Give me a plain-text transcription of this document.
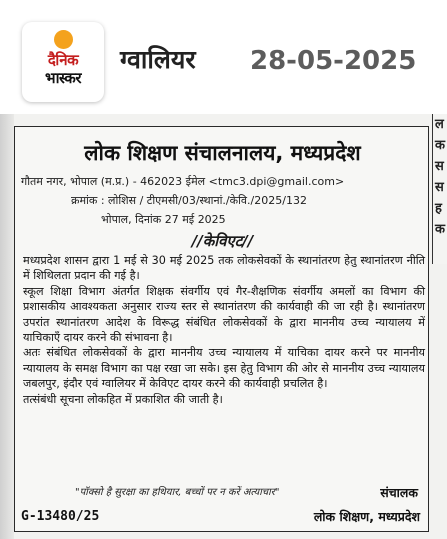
दैनिक
भास्कर
ग्वालियर 28-05-2025
ल
क
स
स
ह
क
लोक शिक्षण संचालनालय, मध्यप्रदेश
गौतम नगर, भोपाल (म.प्र.) - 462023 ईमेल <tmc3.dpi@gmail.com>
क्रमांक : लोशिस / टीएमसी/03/स्थानां./केवि./2025/132
भोपाल, दिनांक 27 मई 2025
//केविएट//

मध्यप्रदेश शासन द्वारा 1 मई से 30 मई 2025 तक लोकसेवकों के स्थानांतरण हेतु स्थानांतरण नीति में शिथिलता प्रदान की गई है।

स्कूल शिक्षा विभाग अंतर्गत शिक्षक संवर्गीय एवं गैर-शैक्षणिक संवर्गीय अमलों का विभाग की प्रशासकीय आवश्यकता अनुसार राज्य स्तर से स्थानांतरण की कार्यवाही की जा रही है। स्थानांतरण उपरांत स्थानांतरण आदेश के विरूद्ध संबंधित लोकसेवकों के द्वारा माननीय उच्च न्यायालय में याचिकाएँ दायर करने की संभावना है।

अतः संबंधित लोकसेवकों के द्वारा माननीय उच्च न्यायालय में याचिका दायर करने पर माननीय न्यायालय के समक्ष विभाग का पक्ष रखा जा सके। इस हेतु विभाग की ओर से माननीय उच्च न्यायालय जबलपुर, इंदौर एवं ग्वालियर में केविएट दायर करने की कार्यवाही प्रचलित है।

तत्संबंधी सूचना लोकहित में प्रकाशित की जाती है।

"पॉक्सो है सुरक्षा का हथियार, बच्चों पर न करें अत्याचार"	संचालक
G-13480/25	लोक शिक्षण, मध्यप्रदेश
